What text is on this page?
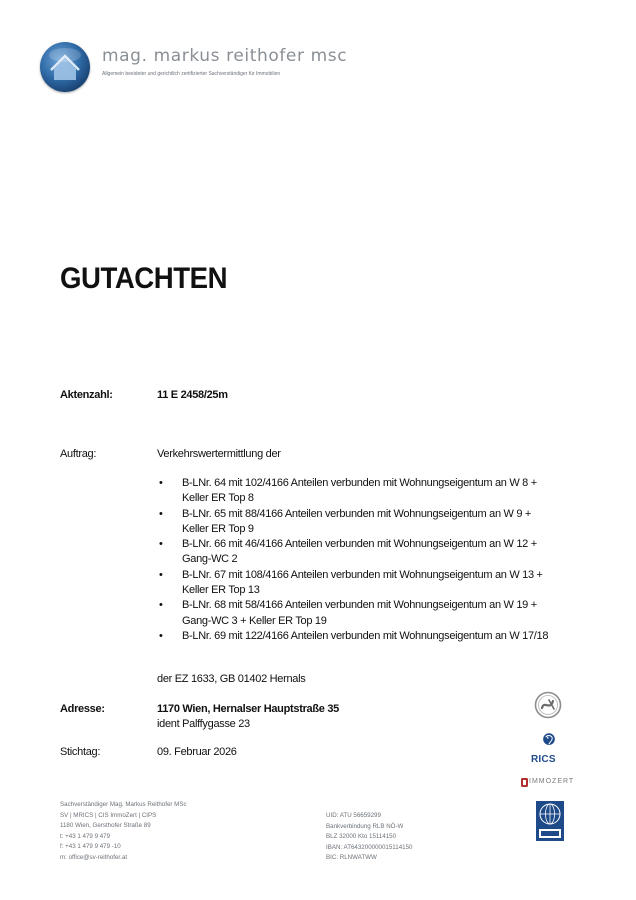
mag. markus reithofer msc
Allgemein beeideter und gerichtlich zertifizierter Sachverständiger für Immobilien
GUTACHTEN
Aktenzahl:	11 E 2458/25m
Auftrag:	Verkehrswertermittlung der
• B-LNr. 64 mit 102/4166 Anteilen verbunden mit Wohnungseigentum an W 8 +
Keller ER Top 8
• B-LNr. 65 mit 88/4166 Anteilen verbunden mit Wohnungseigentum an W 9 +
Keller ER Top 9
• B-LNr. 66 mit 46/4166 Anteilen verbunden mit Wohnungseigentum an W 12 +
Gang-WC 2
• B-LNr. 67 mit 108/4166 Anteilen verbunden mit Wohnungseigentum an W 13 +
Keller ER Top 13
• B-LNr. 68 mit 58/4166 Anteilen verbunden mit Wohnungseigentum an W 19 +
Gang-WC 3 + Keller ER Top 19
• B-LNr. 69 mit 122/4166 Anteilen verbunden mit Wohnungseigentum an W 17/18
der EZ 1633, GB 01402 Hernals
Adresse:	1170 Wien, Hernalser Hauptstraße 35
ident Palffygasse 23
Stichtag:	09. Februar 2026
RICS
IMMOZERT
Sachverständiger Mag. Markus Reithofer MSc
SV | MRICS | CIS ImmoZert | CIPS
1180 Wien, Gersthofer Straße 89
t: +43 1 479 9 479
f: +43 1 479 9 479 -10
m: office@sv-reithofer.at
UID: ATU 56659299
Bankverbindung RLB NÖ-W
BLZ 32000 Kto 15114150
IBAN: AT643200000015114150
BIC: RLNWATWW
